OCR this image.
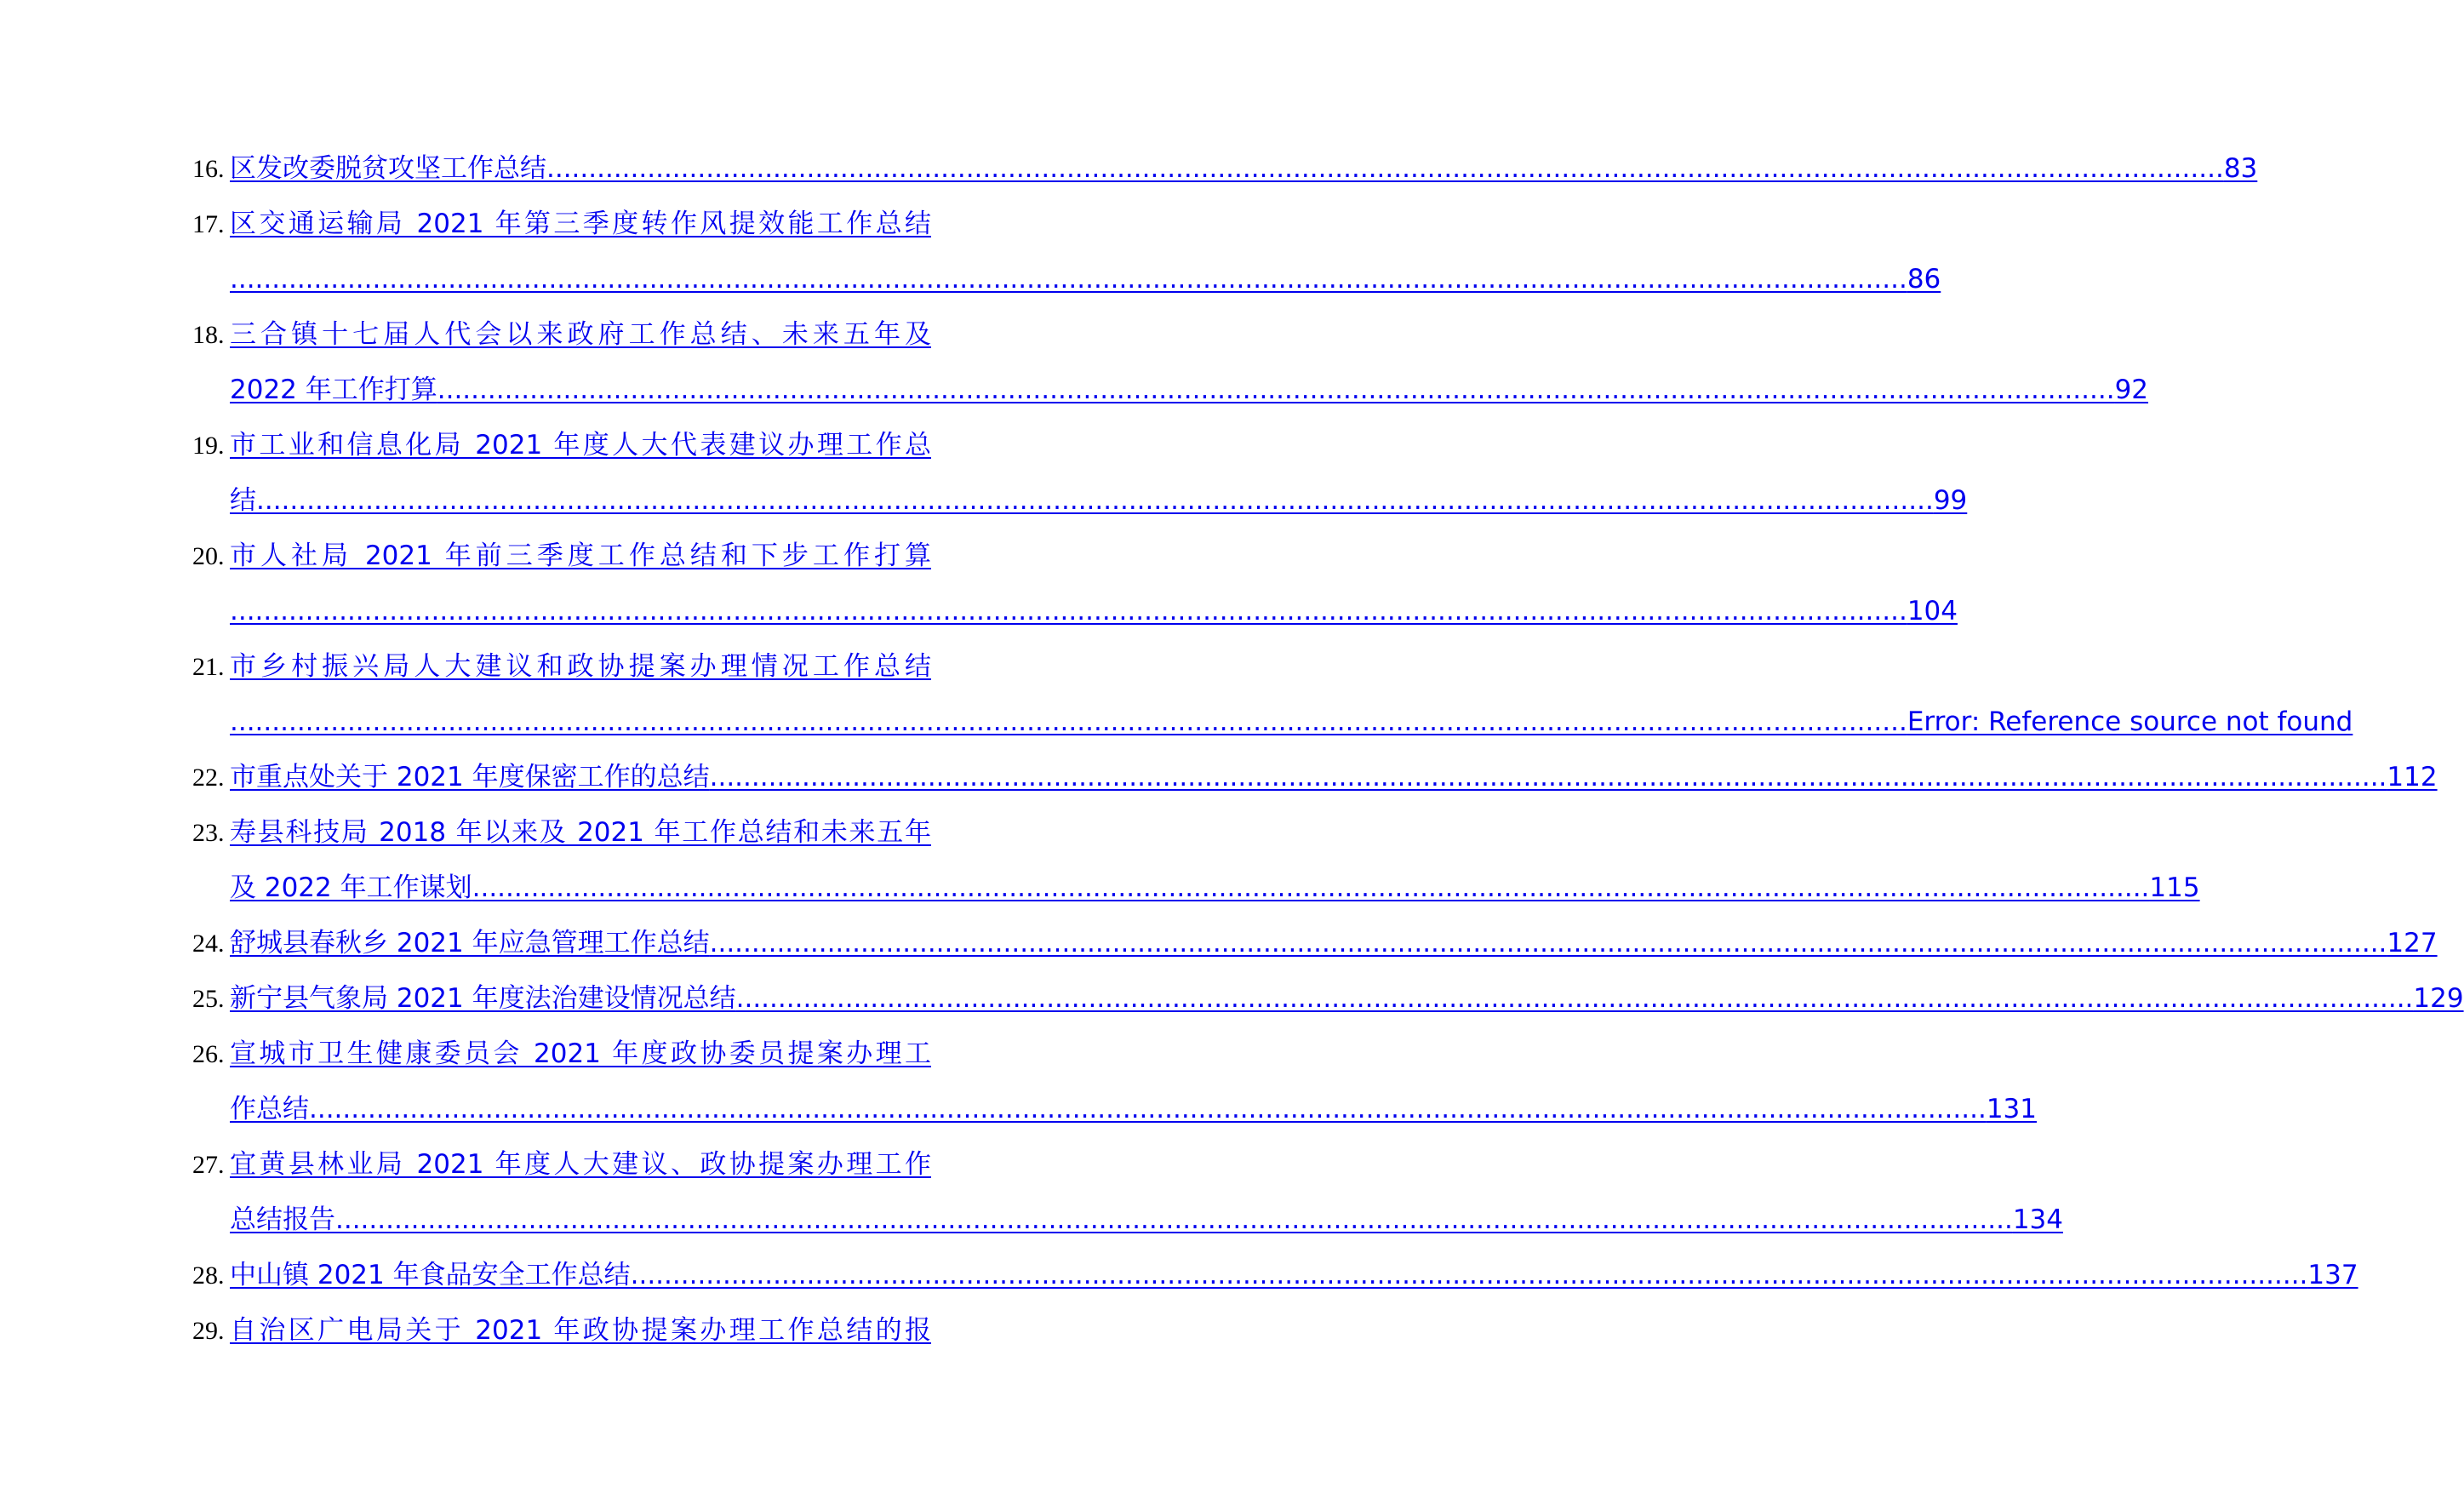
16. 区发改委脱贫攻坚工作总结 ........................................................................................................................................................................................................ 83
17. 区交通运输局 2021 年第三季度转作风提效能工作总结
........................................................................................................................................................................................................ 86
18. 三合镇十七届人代会以来政府工作总结、未来五年及
2022 年工作打算 ........................................................................................................................................................................................................ 92
19. 市工业和信息化局 2021 年度人大代表建议办理工作总
结 ........................................................................................................................................................................................................ 99
20. 市人社局 2021 年前三季度工作总结和下步工作打算
........................................................................................................................................................................................................ 104
21. 市乡村振兴局人大建议和政协提案办理情况工作总结
........................................................................................................................................................................................................ Error: Reference source not found
22. 市重点处关于 2021 年度保密工作的总结 ........................................................................................................................................................................................................ 112
23. 寿县科技局 2018 年以来及 2021 年工作总结和未来五年
及 2022 年工作谋划 ........................................................................................................................................................................................................ 115
24. 舒城县春秋乡 2021 年应急管理工作总结 ........................................................................................................................................................................................................ 127
25. 新宁县气象局 2021 年度法治建设情况总结 ........................................................................................................................................................................................................ 129
26. 宣城市卫生健康委员会 2021 年度政协委员提案办理工
作总结 ........................................................................................................................................................................................................ 131
27. 宜黄县林业局 2021 年度人大建议、政协提案办理工作
总结报告 ........................................................................................................................................................................................................ 134
28. 中山镇 2021 年食品安全工作总结 ........................................................................................................................................................................................................ 137
29. 自治区广电局关于 2021 年政协提案办理工作总结的报
